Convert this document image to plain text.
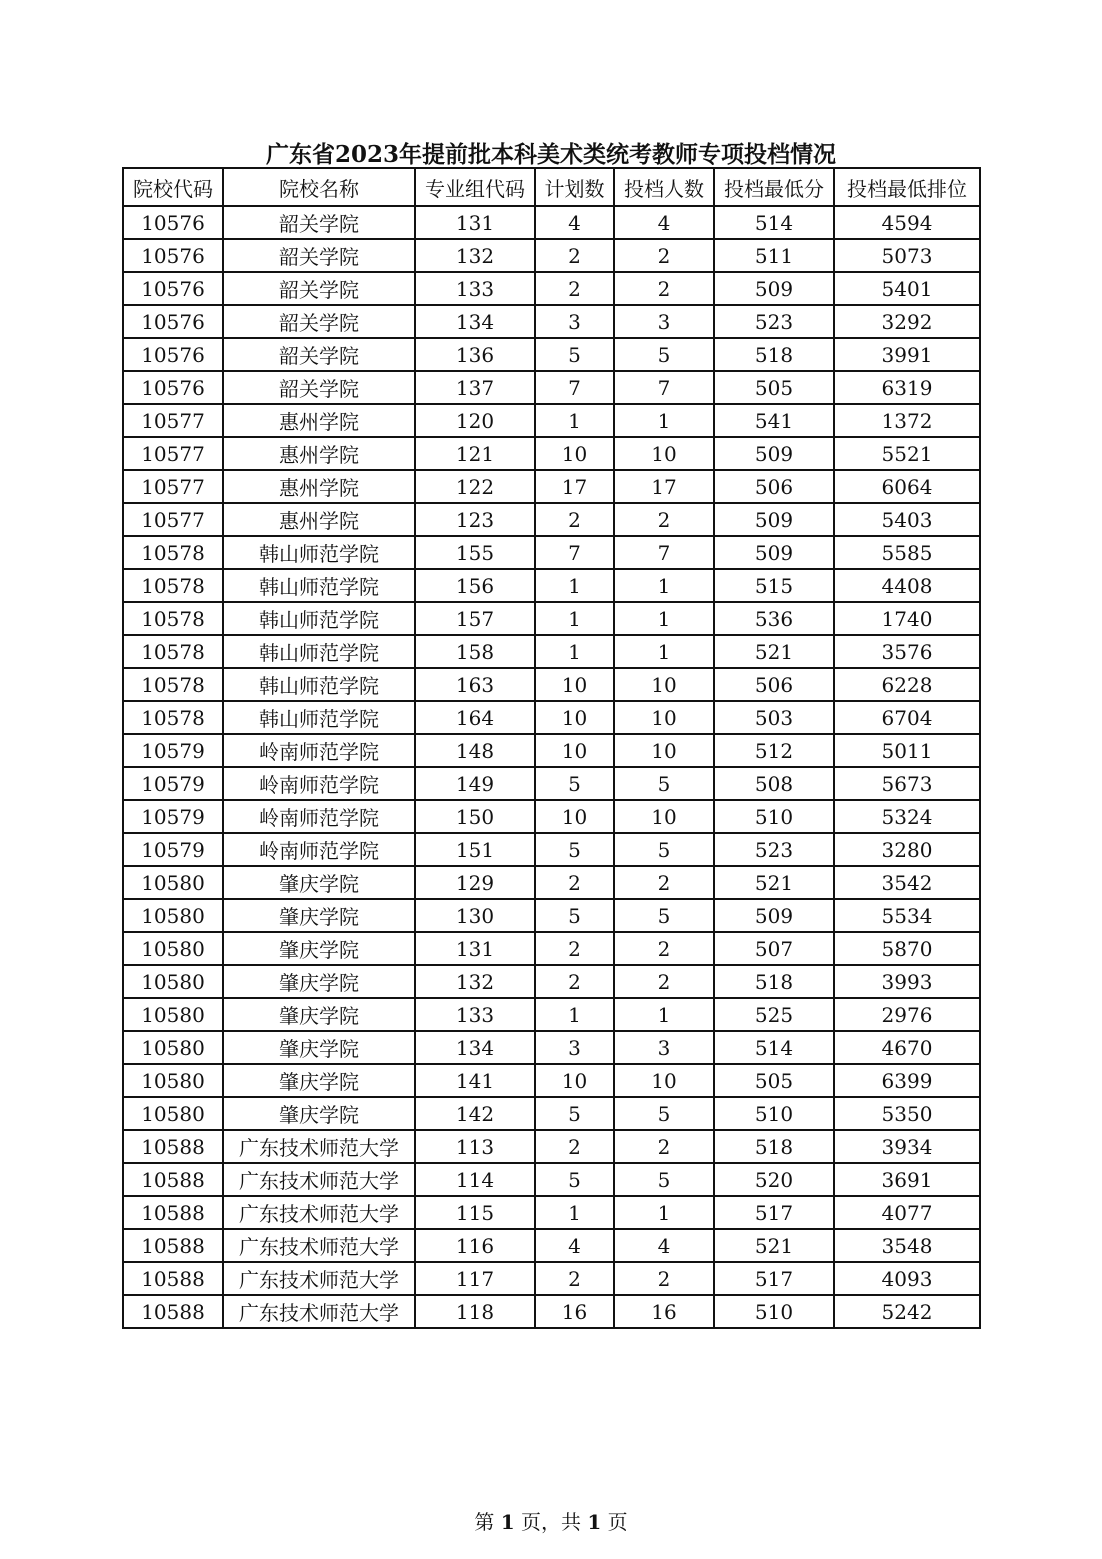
广东省2023年提前批本科美术类统考教师专项投档情况
院校代码	院校名称	专业组代码	计划数	投档人数	投档最低分	投档最低排位
10576	韶关学院	131	4	4	514	4594
10576	韶关学院	132	2	2	511	5073
10576	韶关学院	133	2	2	509	5401
10576	韶关学院	134	3	3	523	3292
10576	韶关学院	136	5	5	518	3991
10576	韶关学院	137	7	7	505	6319
10577	惠州学院	120	1	1	541	1372
10577	惠州学院	121	10	10	509	5521
10577	惠州学院	122	17	17	506	6064
10577	惠州学院	123	2	2	509	5403
10578	韩山师范学院	155	7	7	509	5585
10578	韩山师范学院	156	1	1	515	4408
10578	韩山师范学院	157	1	1	536	1740
10578	韩山师范学院	158	1	1	521	3576
10578	韩山师范学院	163	10	10	506	6228
10578	韩山师范学院	164	10	10	503	6704
10579	岭南师范学院	148	10	10	512	5011
10579	岭南师范学院	149	5	5	508	5673
10579	岭南师范学院	150	10	10	510	5324
10579	岭南师范学院	151	5	5	523	3280
10580	肇庆学院	129	2	2	521	3542
10580	肇庆学院	130	5	5	509	5534
10580	肇庆学院	131	2	2	507	5870
10580	肇庆学院	132	2	2	518	3993
10580	肇庆学院	133	1	1	525	2976
10580	肇庆学院	134	3	3	514	4670
10580	肇庆学院	141	10	10	505	6399
10580	肇庆学院	142	5	5	510	5350
10588	广东技术师范大学	113	2	2	518	3934
10588	广东技术师范大学	114	5	5	520	3691
10588	广东技术师范大学	115	1	1	517	4077
10588	广东技术师范大学	116	4	4	521	3548
10588	广东技术师范大学	117	2	2	517	4093
10588	广东技术师范大学	118	16	16	510	5242
第 1 页，共 1 页
